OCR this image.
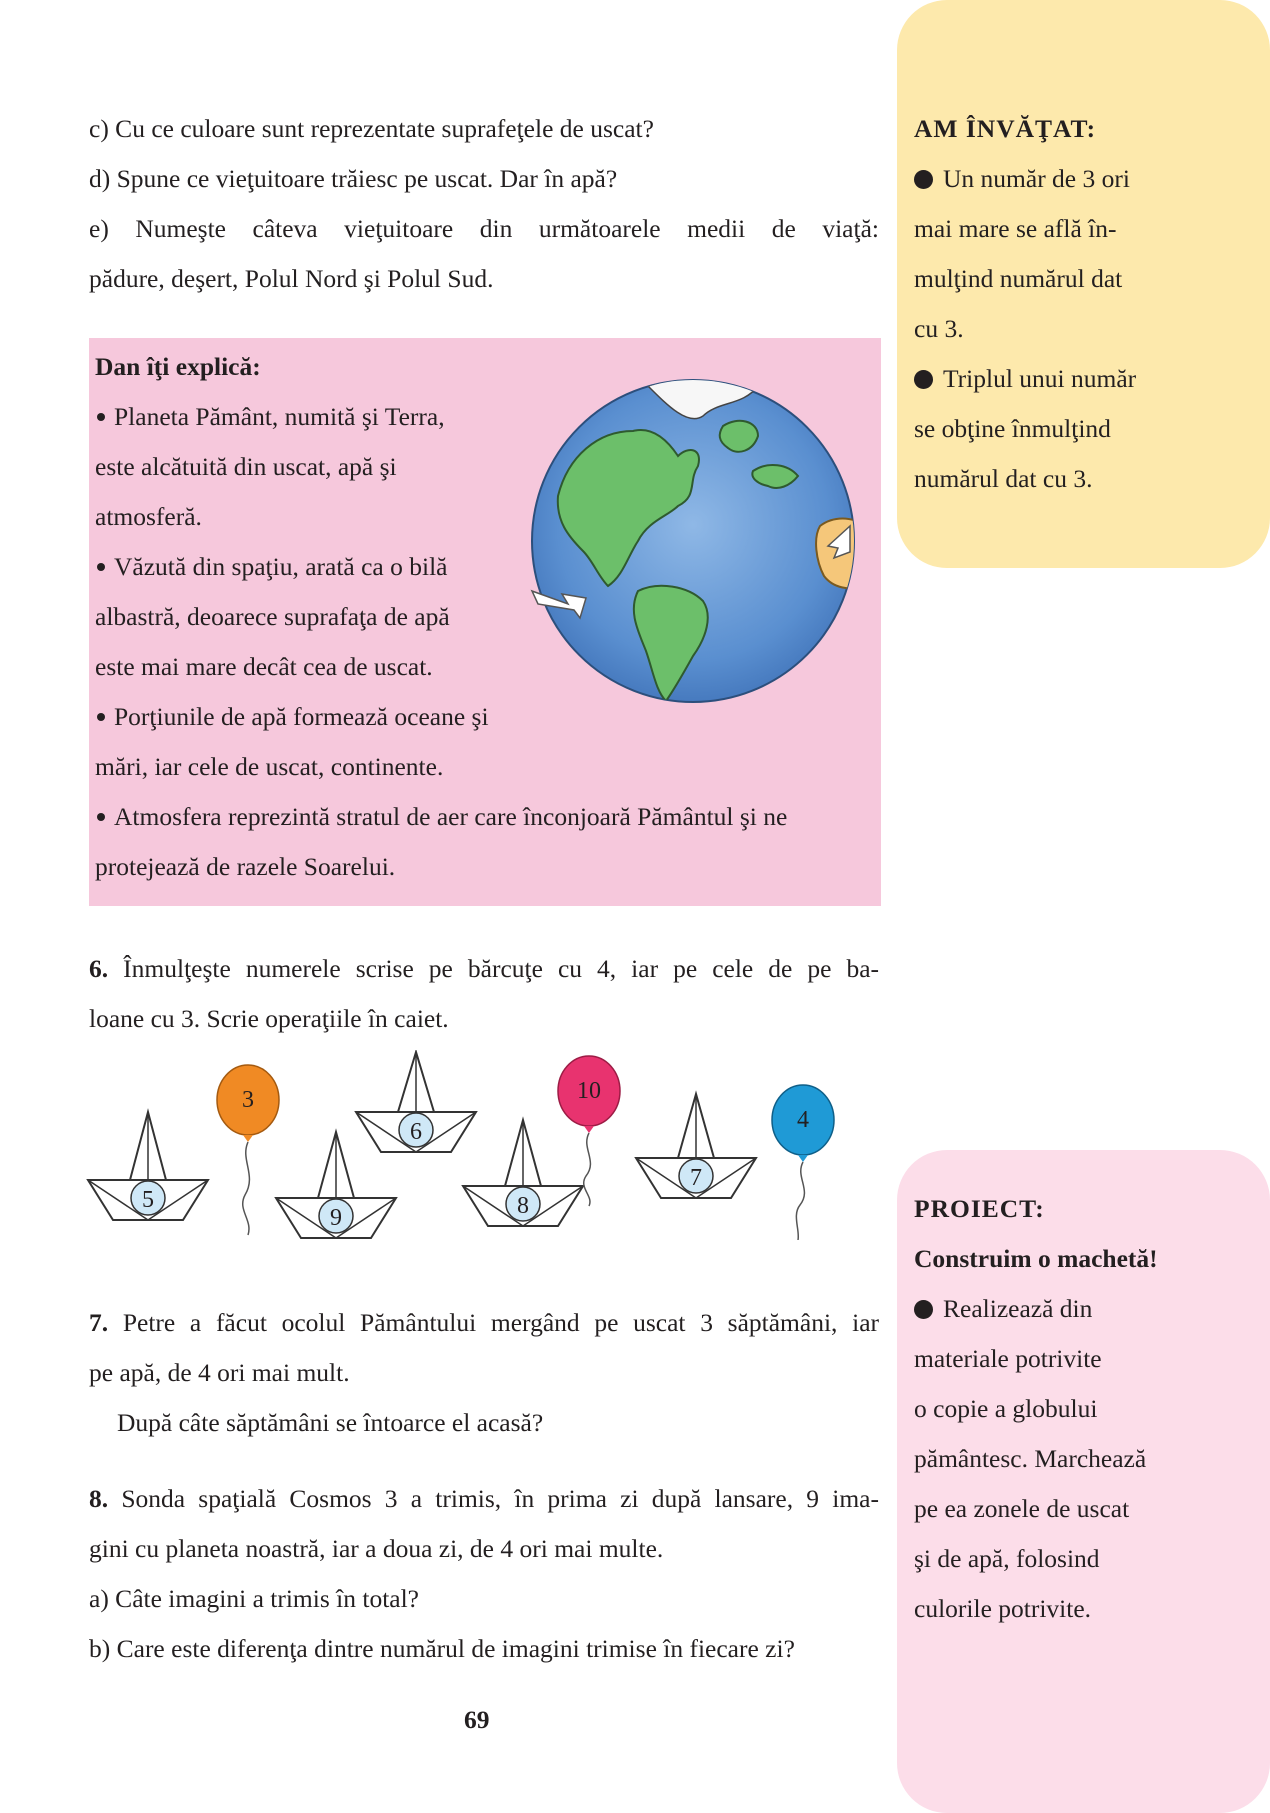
c) Cu ce culoare sunt reprezentate suprafeţele de uscat?
d) Spune ce vieţuitoare trăiesc pe uscat. Dar în apă?
e) Numeşte câteva vieţuitoare din următoarele medii de viaţă:
pădure, deşert, Polul Nord şi Polul Sud.
Dan îţi explică:
Planeta Pământ, numită şi Terra,
este alcătuită din uscat, apă şi
atmosferă.
Văzută din spaţiu, arată ca o bilă
albastră, deoarece suprafaţa de apă
este mai mare decât cea de uscat.
Porţiunile de apă formează oceane şi
mări, iar cele de uscat, continente.
Atmosfera reprezintă stratul de aer care înconjoară Pământul şi ne
protejează de razele Soarelui.
6. Înmulţeşte numerele scrise pe bărcuţe cu 4, iar pe cele de pe ba-
loane cu 3. Scrie operaţiile în caiet.
5
3
9
6
8
10
7
4
7. Petre a făcut ocolul Pământului mergând pe uscat 3 săptămâni, iar
pe apă, de 4 ori mai mult.
După câte săptămâni se întoarce el acasă?
8. Sonda spaţială Cosmos 3 a trimis, în prima zi după lansare, 9 ima-
gini cu planeta noastră, iar a doua zi, de 4 ori mai multe.
a) Câte imagini a trimis în total?
b) Care este diferenţa dintre numărul de imagini trimise în fiecare zi?
69
AM ÎNVĂŢAT:
Un număr de 3 ori
mai mare se află în-
mulţind numărul dat
cu 3.
Triplul unui număr
se obţine înmulţind
numărul dat cu 3.
PROIECT:
Construim o machetă!
Realizează din
materiale potrivite
o copie a globului
pământesc. Marchează
pe ea zonele de uscat
şi de apă, folosind
culorile potrivite.
